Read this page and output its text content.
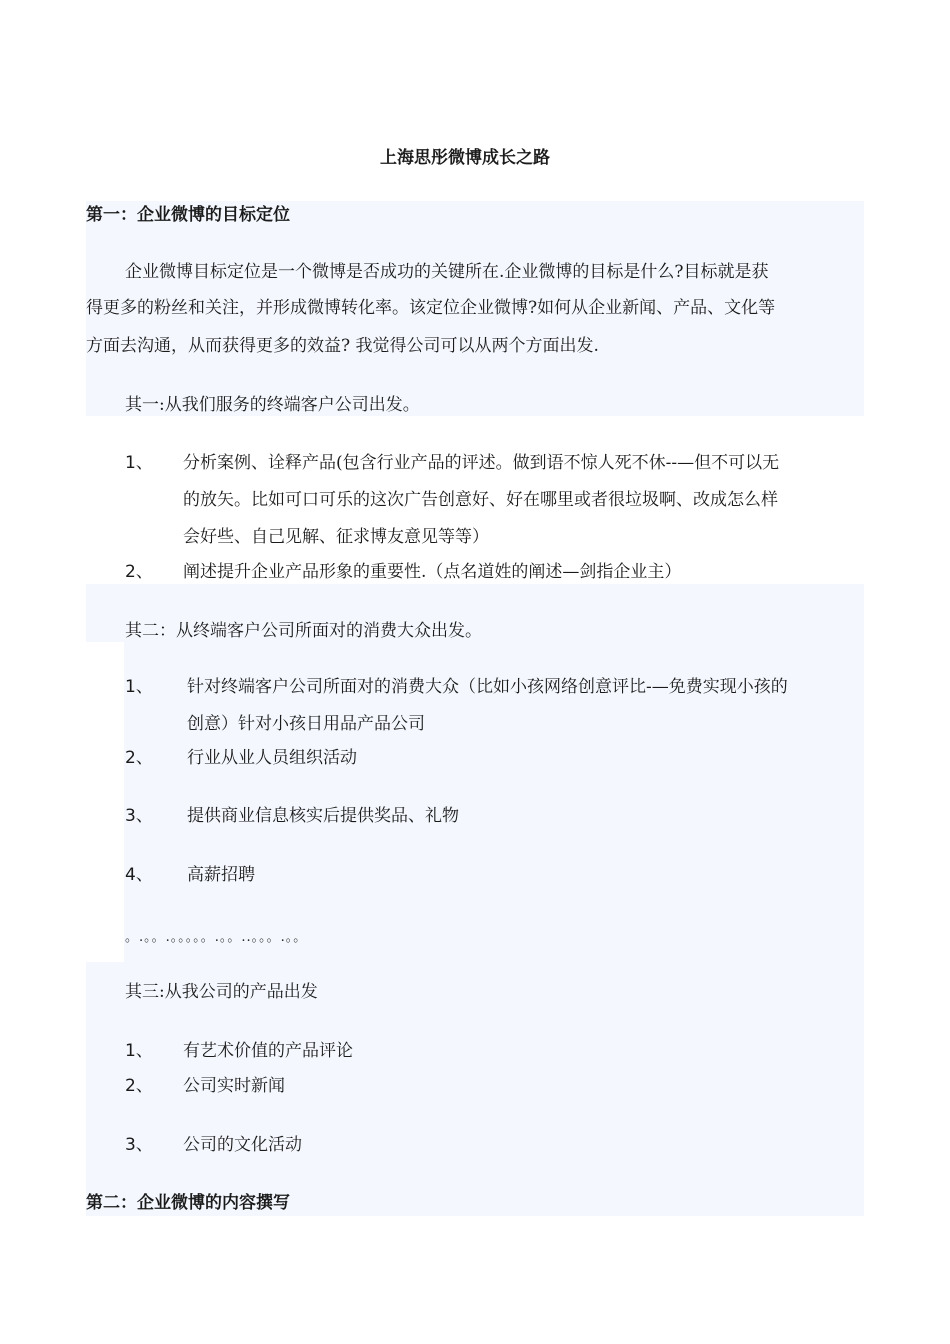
上海思彤微博成长之路
第一：企业微博的目标定位
企业微博目标定位是一个微博是否成功的关键所在.企业微博的目标是什么?目标就是获
得更多的粉丝和关注，并形成微博转化率。该定位企业微博?如何从企业新闻、产品、文化等
方面去沟通，从而获得更多的效益? 我觉得公司可以从两个方面出发.
其一:从我们服务的终端客户公司出发。
1、 分析案例、诠释产品(包含行业产品的评述。做到语不惊人死不休--—但不可以无
的放矢。比如可口可乐的这次广告创意好、好在哪里或者很垃圾啊、改成怎么样
会好些、自己见解、征求博友意见等等）
2、 阐述提升企业产品形象的重要性.（点名道姓的阐述—剑指企业主）
其二：从终端客户公司所面对的消费大众出发。
1、 针对终端客户公司所面对的消费大众（比如小孩网络创意评比-—免费实现小孩的
创意）针对小孩日用品产品公司
2、 行业从业人员组织活动
3、 提供商业信息核实后提供奖品、礼物
4、 高薪招聘
。.。。.。。。。。.。。..。。。.。。
其三:从我公司的产品出发
1、 有艺术价值的产品评论
2、 公司实时新闻
3、 公司的文化活动
第二：企业微博的内容撰写
